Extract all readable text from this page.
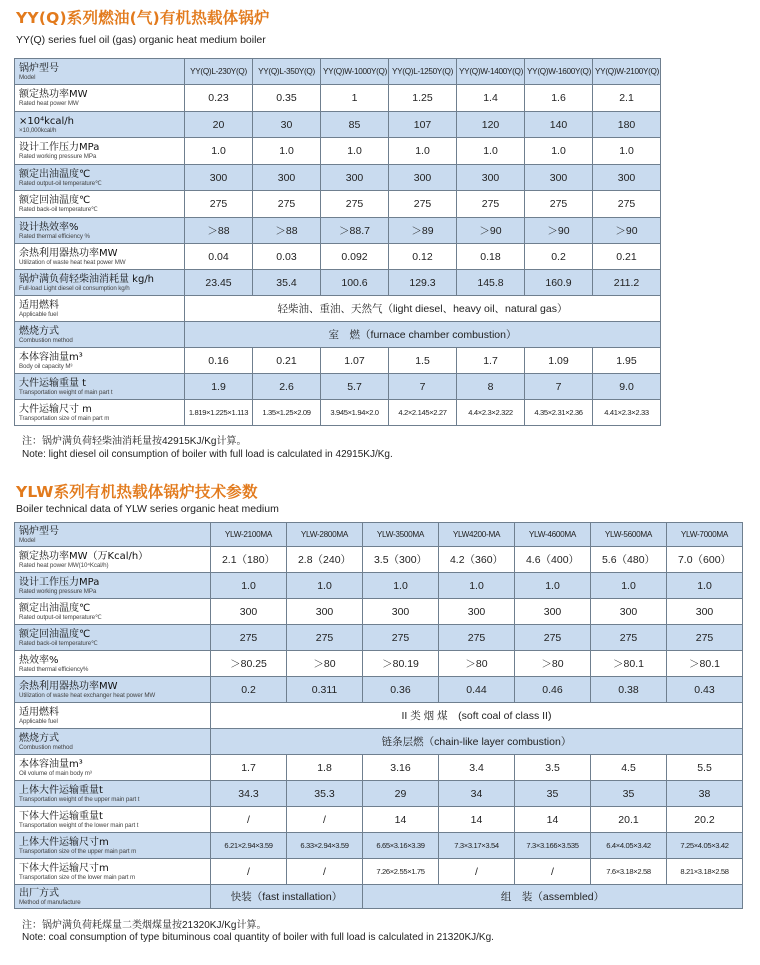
YY(Q)系列燃油(气)有机热载体锅炉
YY(Q) series fuel oil (gas) organic heat medium boiler
锅炉型号
Model	YY(Q)L-230Y(Q)	YY(Q)L-350Y(Q)	YY(Q)W-1000Y(Q)	YY(Q)L-1250Y(Q)	YY(Q)W-1400Y(Q)	YY(Q)W-1600Y(Q)	YY(Q)W-2100Y(Q)

额定热功率MW
Rated heat power MW	0.23	0.35	1	1.25	1.4	1.6	2.1

×10⁴kcal/h
×10,000kcal/h	20	30	85	107	120	140	180

设计工作压力MPa
Rated working pressure MPa	1.0	1.0	1.0	1.0	1.0	1.0	1.0

额定出油温度℃
Rated output-oil temperature℃	300	300	300	300	300	300	300

额定回油温度℃
Rated back-oil temperature℃	275	275	275	275	275	275	275

设计热效率%
Rated thermal efficiency %	＞88	＞88	＞88.7	＞89	＞90	＞90	＞90

余热利用器热功率MW
Utilization of waste heat heat power MW	0.04	0.03	0.092	0.12	0.18	0.2	0.21

锅炉满负荷轻柴油消耗量 kg/h
Full-load Light diesel oil consumption kg/h	23.45	35.4	100.6	129.3	145.8	160.9	211.2

适用燃料
Applicable fuel	轻柴油、重油、天然气（light diesel、heavy oil、natural gas）						

燃烧方式
Combustion method	室　燃（furnace chamber combustion）						

本体容油量m³
Body oil capacity M³	0.16	0.21	1.07	1.5	1.7	1.09	1.95

大件运输重量 t
Transportation weight of main part t	1.9	2.6	5.7	7	8	7	9.0

大件运输尺寸 m
Transportation size of main part m	1.819×1.225×1.113	1.35×1.25×2.09	3.945×1.94×2.0	4.2×2.145×2.27	4.4×2.3×2.322	4.35×2.31×2.36	4.41×2.3×2.33
注：锅炉满负荷轻柴油消耗量按42915KJ/Kg计算。
Note: light diesel oil consumption of boiler with full load is calculated in 42915KJ/Kg.
YLW系列有机热载体锅炉技术参数
Boiler technical data of YLW series organic heat medium
锅炉型号
Model	YLW-2100MA	YLW-2800MA	YLW-3500MA	YLW4200-MA	YLW-4600MA	YLW-5600MA	YLW-7000MA

额定热功率MW（万Kcal/h）
Rated heat power MW(10⁴Kcal/h)	2.1（180）	2.8（240）	3.5（300）	4.2（360）	4.6（400）	5.6（480）	7.0（600）

设计工作压力MPa
Rated working pressure MPa	1.0	1.0	1.0	1.0	1.0	1.0	1.0

额定出油温度℃
Rated output-oil temperature℃	300	300	300	300	300	300	300

额定回油温度℃
Rated back-oil temperature℃	275	275	275	275	275	275	275

热效率%
Rated thermal efficiency%	＞80.25	＞80	＞80.19	＞80	＞80	＞80.1	＞80.1

余热利用器热功率MW
Utilization of waste heat exchanger heat power MW	0.2	0.311	0.36	0.44	0.46	0.38	0.43

适用燃料
Applicable fuel	II 类 烟 煤　(soft coal of class II)						

燃烧方式
Combustion method	链条层燃（chain-like layer combustion）						

本体容油量m³
Oil volume of main body m³	1.7	1.8	3.16	3.4	3.5	4.5	5.5

上体大件运输重量t
Transportation weight of the upper main part t	34.3	35.3	29	34	35	35	38

下体大件运输重量t
Transportation weight of the lower main part t	/	/	14	14	14	20.1	20.2

上体大件运输尺寸m
Transportation size of the upper main part m	6.21×2.94×3.59	6.33×2.94×3.59	6.65×3.16×3.39	7.3×3.17×3.54	7.3×3.166×3.535	6.4×4.05×3.42	7.25×4.05×3.42

下体大件运输尺寸m
Transportation size of the lower main part m	/	/	7.26×2.55×1.75	/	/	7.6×3.18×2.58	8.21×3.18×2.58

出厂方式
Method of manufacture	快装（fast installation）		组　装（assembled）				
注：锅炉满负荷耗煤量二类烟煤量按21320KJ/Kg计算。
Note: coal consumption of type bituminous coal quantity of boiler with full load is calculated in 21320KJ/Kg.
